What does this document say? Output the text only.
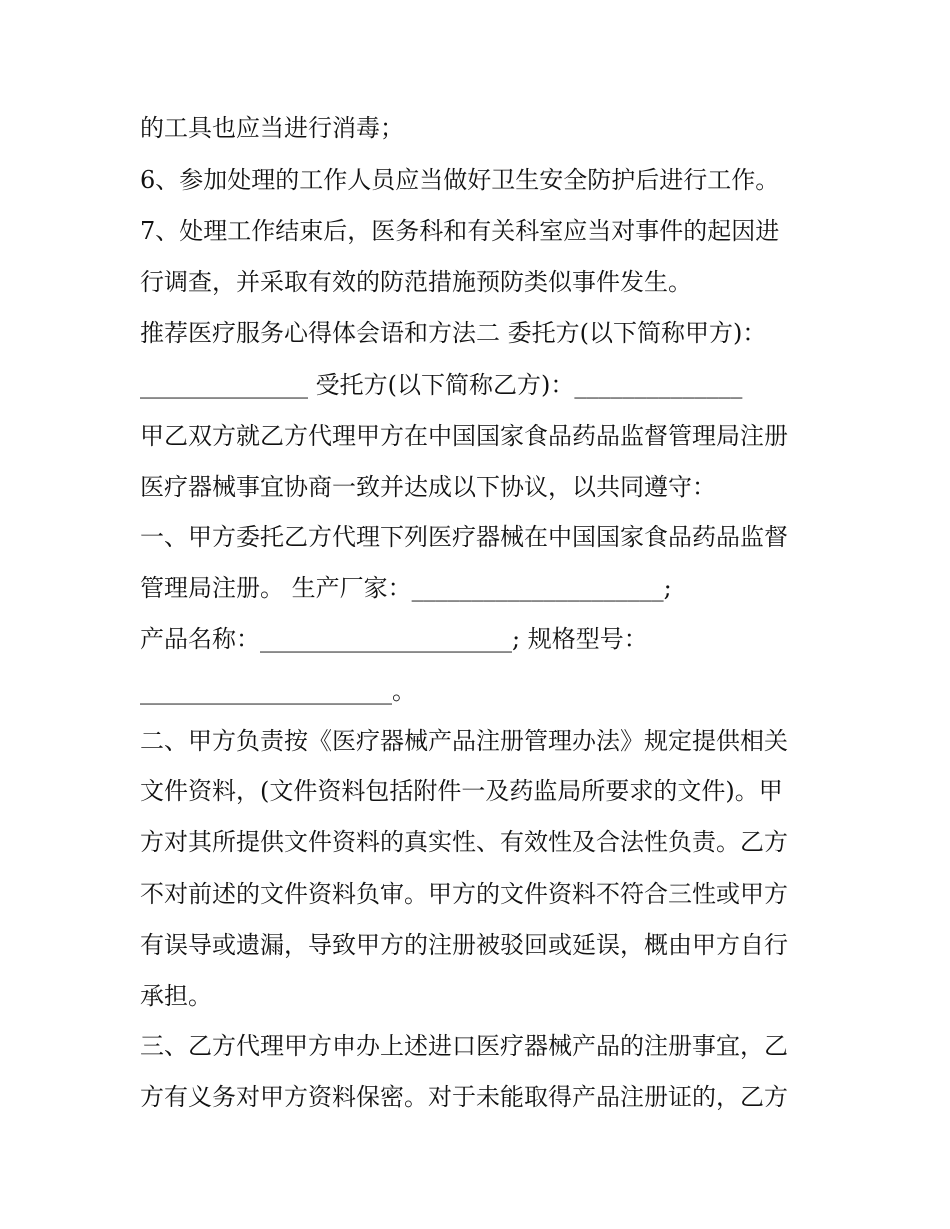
的工具也应当进行消毒；
6、参加处理的工作人员应当做好卫生安全防护后进行工作。
7、处理工作结束后，医务科和有关科室应当对事件的起因进
行调查，并采取有效的防范措施预防类似事件发生。
推荐医疗服务心得体会语和方法二 委托方(以下简称甲方)：
______________ 受托方(以下简称乙方)：______________
甲乙双方就乙方代理甲方在中国国家食品药品监督管理局注册
医疗器械事宜协商一致并达成以下协议，以共同遵守：
一、甲方委托乙方代理下列医疗器械在中国国家食品药品监督
管理局注册。 生产厂家：_____________________;
产品名称：_____________________; 规格型号：
_____________________。
二、甲方负责按《医疗器械产品注册管理办法》规定提供相关
文件资料，(文件资料包括附件一及药监局所要求的文件)。甲
方对其所提供文件资料的真实性、有效性及合法性负责。乙方
不对前述的文件资料负审。甲方的文件资料不符合三性或甲方
有误导或遗漏，导致甲方的注册被驳回或延误，概由甲方自行
承担。
三、乙方代理甲方申办上述进口医疗器械产品的注册事宜，乙
方有义务对甲方资料保密。对于未能取得产品注册证的，乙方
